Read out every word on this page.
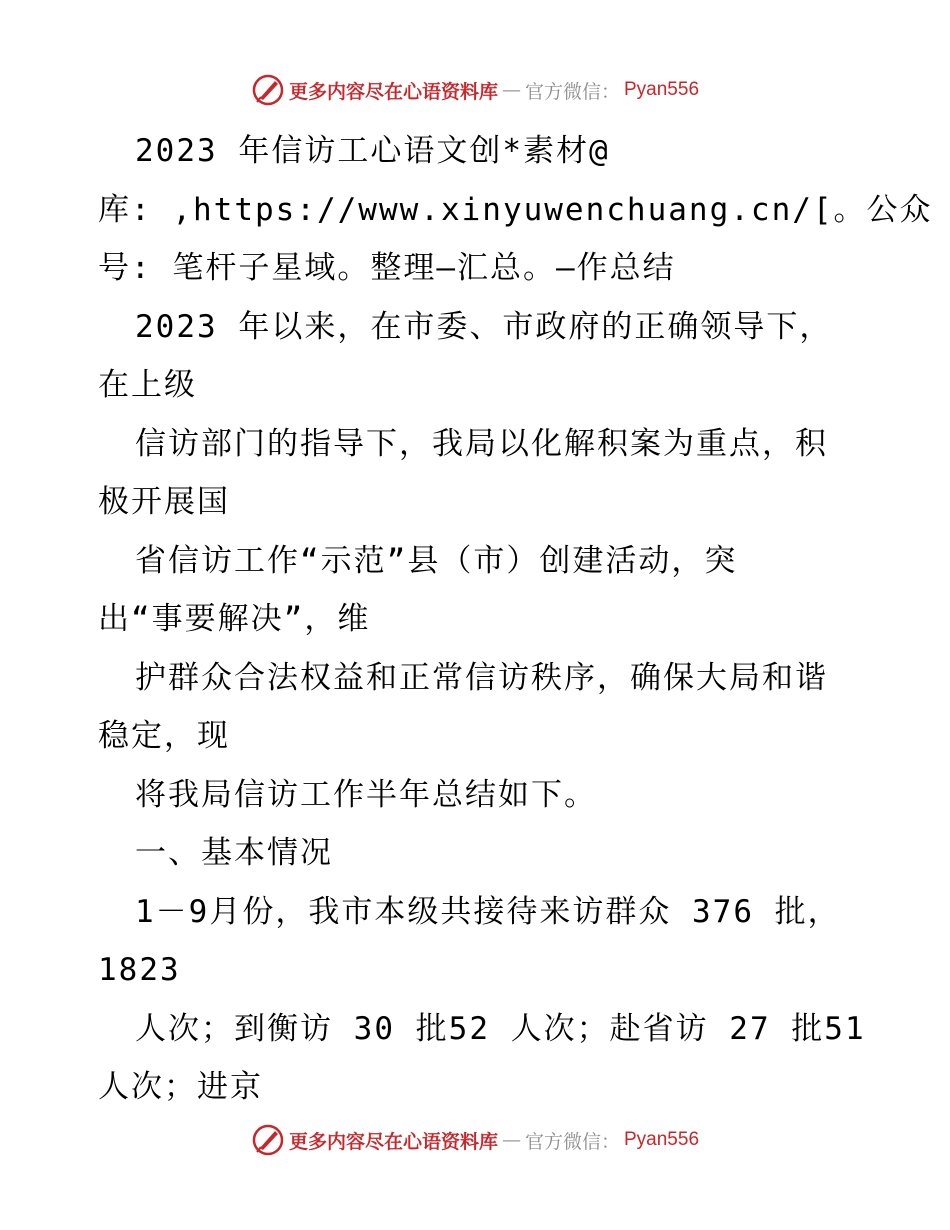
更多内容尽在心语资料库 — 官方微信： Pyan556
2023 年信访工心语文创*素材@
库: ,https://www.xinyuwenchuang.cn/[。公众
号: 笔杆子星域。整理—汇总。—作总结
2023 年以来，在市委、市政府的正确领导下，
在上级
信访部门的指导下，我局以化解积案为重点，积
极开展国
省信访工作“示范”县（市）创建活动，突
出“事要解决”，维
护群众合法权益和正常信访秩序，确保大局和谐
稳定，现
将我局信访工作半年总结如下。
一、基本情况
1－9月份，我市本级共接待来访群众 376 批，
1823
人次；到衡访 30 批52 人次；赴省访 27 批51
人次；进京
更多内容尽在心语资料库 — 官方微信： Pyan556
